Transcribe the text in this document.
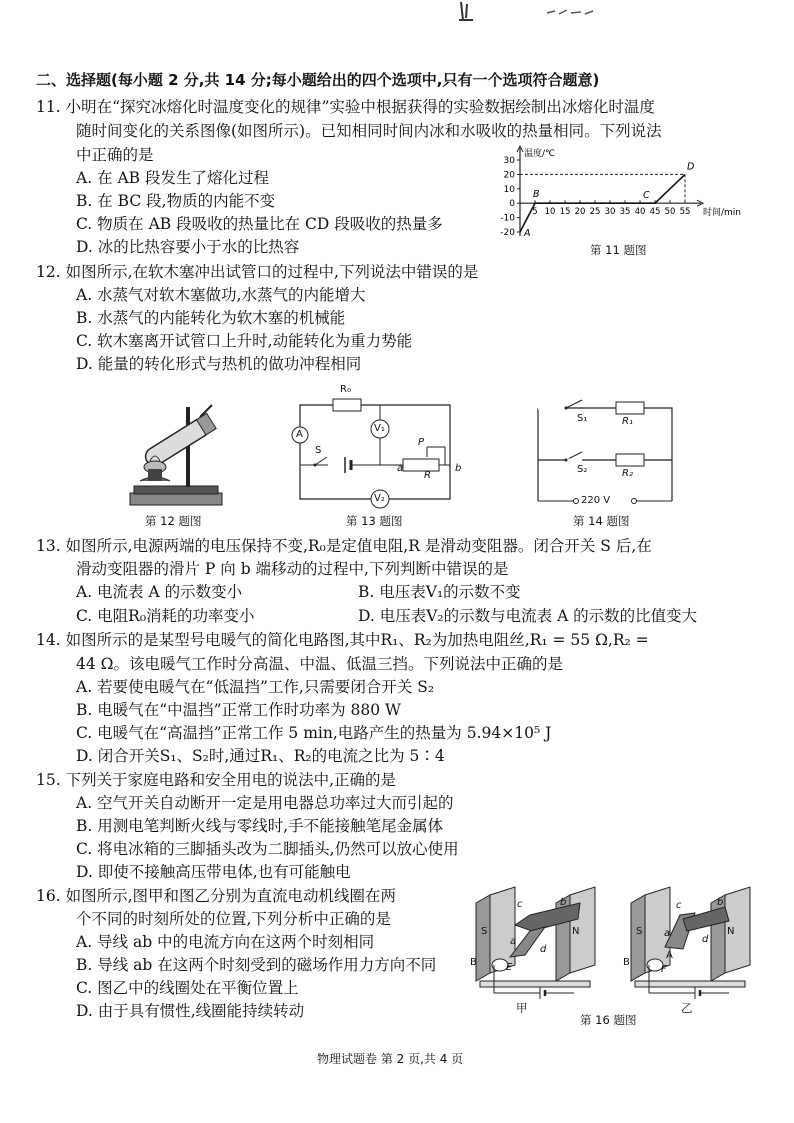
二、选择题(每小题 2 分,共 14 分;每小题给出的四个选项中,只有一个选项符合题意)
11. 小明在“探究冰熔化时温度变化的规律”实验中根据获得的实验数据绘制出冰熔化时温度
随时间变化的关系图像(如图所示)。已知相同时间内冰和水吸收的热量相同。下列说法
中正确的是
A. 在 AB 段发生了熔化过程
B. 在 BC 段,物质的内能不变
C. 物质在 AB 段吸收的热量比在 CD 段吸收的热量多
D. 冰的比热容要小于水的比热容
温度/℃
时间/min
30
20
10
0
-10
-20
5 10 15 20 25 30 35 40 45 50 55
A
B	C
D
第 11 题图
12. 如图所示,在软木塞冲出试管口的过程中,下列说法中错误的是
A. 水蒸气对软木塞做功,水蒸气的内能增大
B. 水蒸气的内能转化为软木塞的机械能
C. 软木塞离开试管口上升时,动能转化为重力势能
D. 能量的转化形式与热机的做功冲程相同
第 12 题图
R₀
V₁
A
S
P
a
R
b
V₂
第 13 题图
S₁	R₁
S₂	R₂
220 V
第 14 题图
13. 如图所示,电源两端的电压保持不变,R₀是定值电阻,R 是滑动变阻器。闭合开关 S 后,在
滑动变阻器的滑片 P 向 b 端移动的过程中,下列判断中错误的是
A. 电流表 A 的示数变小	B. 电压表V₁的示数不变
C. 电阻R₀消耗的功率变小	D. 电压表V₂的示数与电流表 A 的示数的比值变大
14. 如图所示的是某型号电暖气的简化电路图,其中R₁、R₂为加热电阻丝,R₁ = 55 Ω,R₂ =
44 Ω。该电暖气工作时分高温、中温、低温三挡。下列说法中正确的是
A. 若要使电暖气在“低温挡”工作,只需要闭合开关 S₂
B. 电暖气在“中温挡”正常工作时功率为 880 W
C. 电暖气在“高温挡”正常工作 5 min,电路产生的热量为 5.94×10⁵ J
D. 闭合开关S₁、S₂时,通过R₁、R₂的电流之比为 5∶4
15. 下列关于家庭电路和安全用电的说法中,正确的是
A. 空气开关自动断开一定是用电器总功率过大而引起的
B. 用测电笔判断火线与零线时,手不能接触笔尾金属体
C. 将电冰箱的三脚插头改为二脚插头,仍然可以放心使用
D. 即使不接触高压带电体,也有可能触电
16. 如图所示,图甲和图乙分别为直流电动机线圈在两
个不同的时刻所处的位置,下列分析中正确的是
A. 导线 ab 中的电流方向在这两个时刻相同
B. 导线 ab 在这两个时刻受到的磁场作用力方向不同
C. 图乙中的线圈处在平衡位置上
D. 由于具有惯性,线圈能持续转动
S	N
c	b
a
d
B	E
S	N
c	b
a
d
B
A
F
甲	乙
第 16 题图
物理试题卷 第 2 页,共 4 页
